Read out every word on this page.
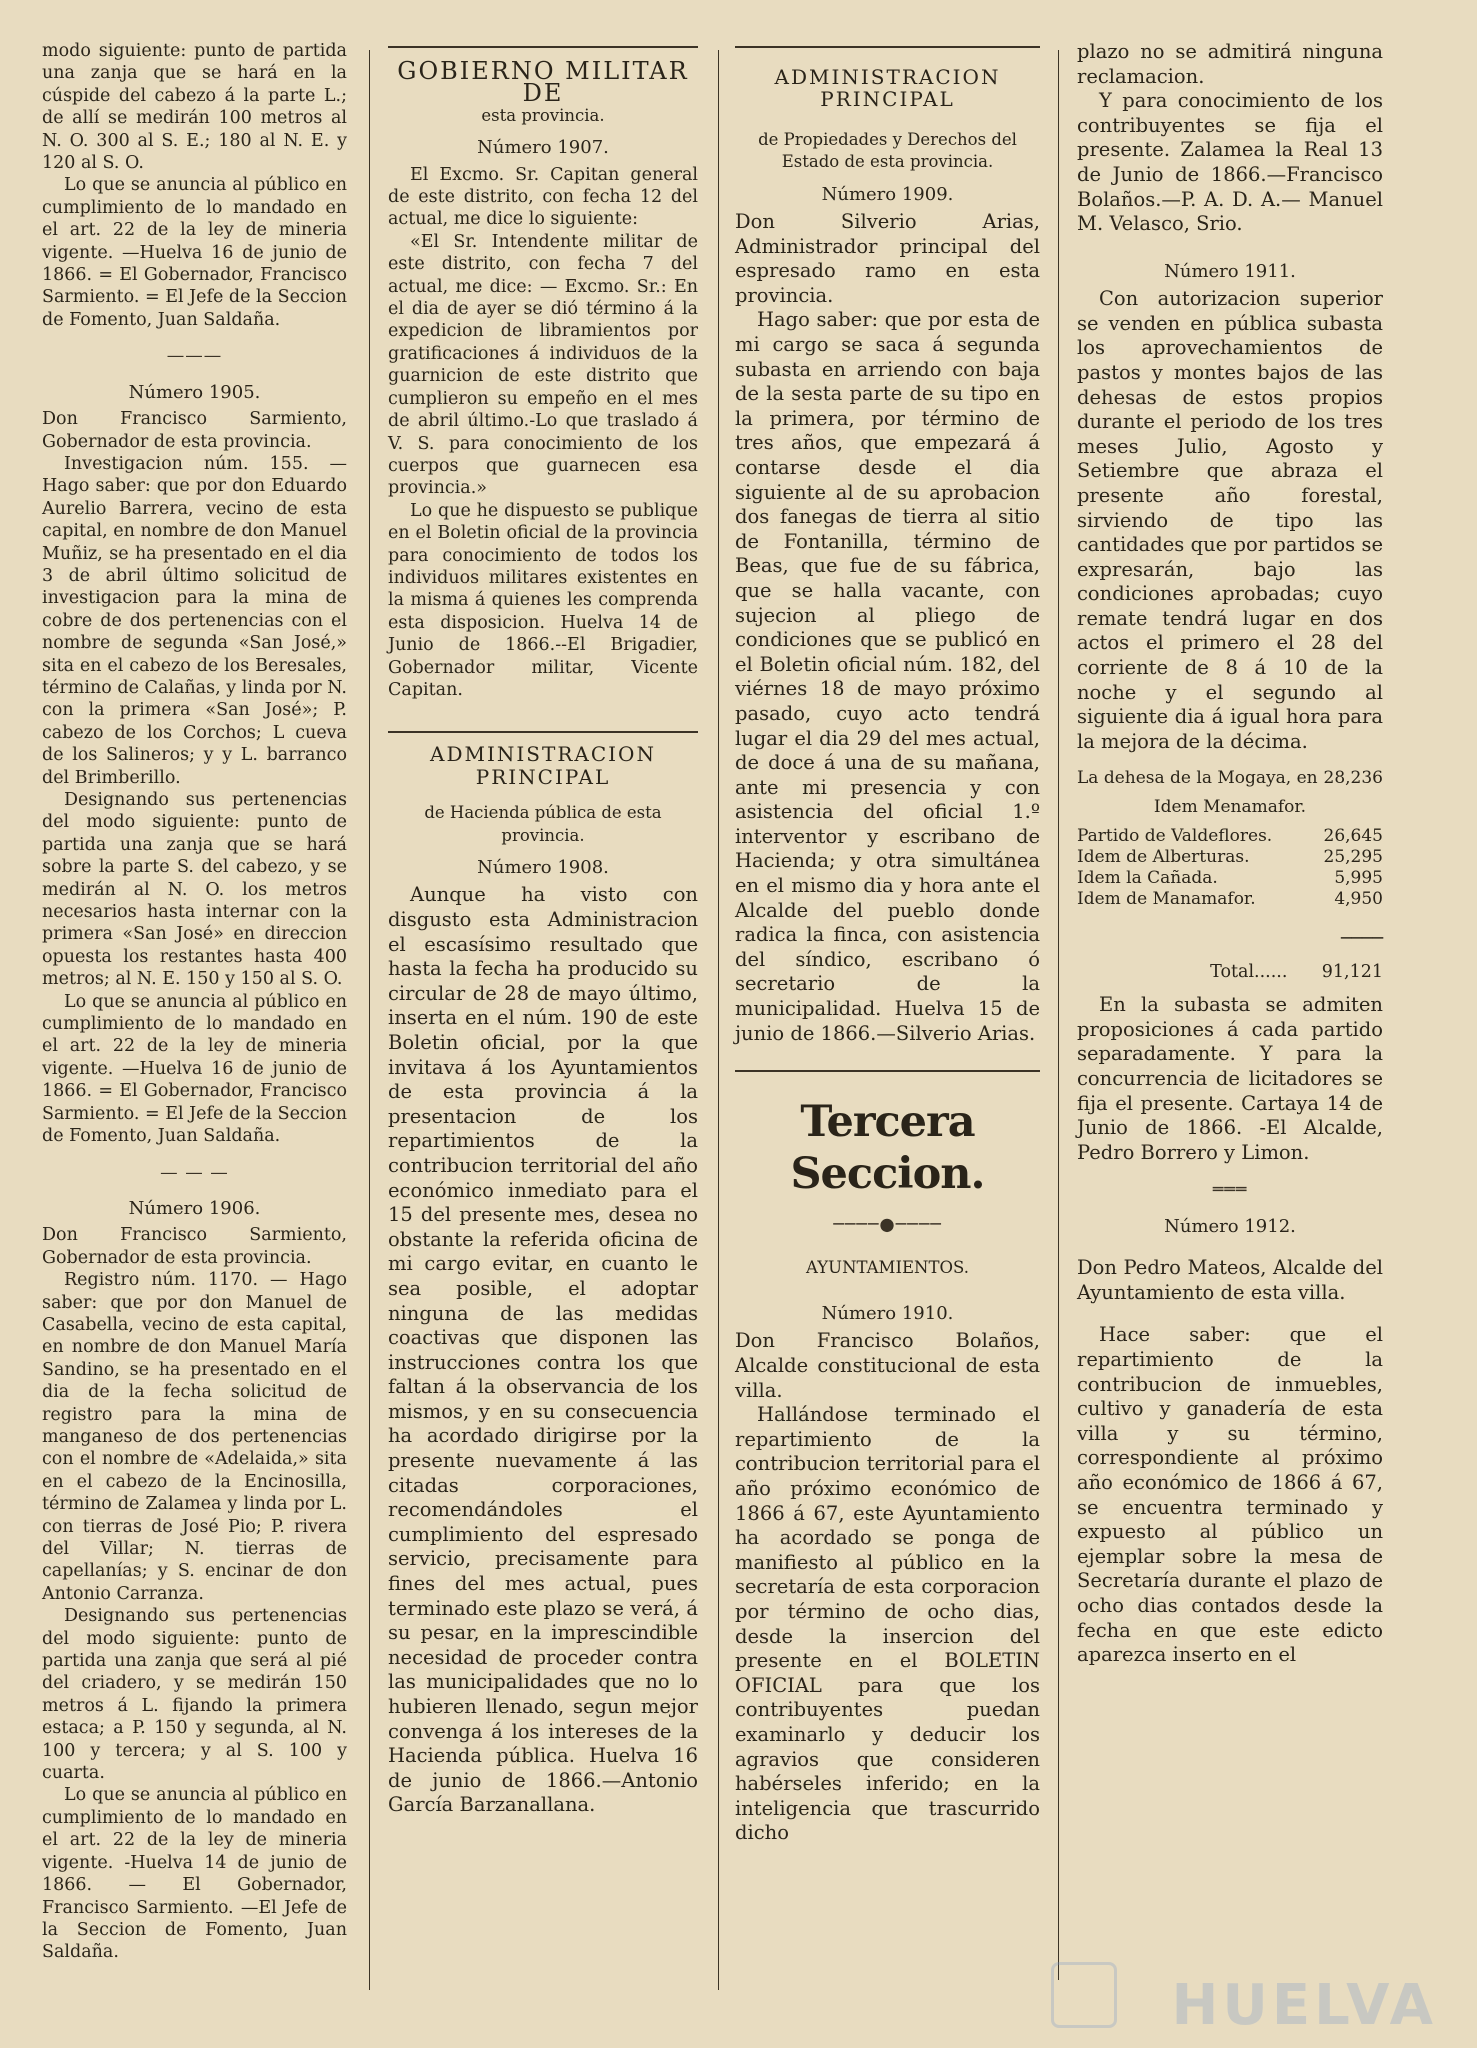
modo siguiente: punto de partida una zanja que se hará en la cúspide del cabezo á la parte L.; de allí se medirán 100 metros al N. O. 300 al S. E.; 180 al N. E. y 120 al S. O.

Lo que se anuncia al público en cumplimiento de lo mandado en el art. 22 de la ley de mineria vigente. —Huelva 16 de junio de 1866. = El Gobernador, Francisco Sarmiento. = El Jefe de la Seccion de Fomento, Juan Saldaña.

———
Número 1905.

Don Francisco Sarmiento, Gobernador de esta provincia.

Investigacion núm. 155. —Hago saber: que por don Eduardo Aurelio Barrera, vecino de esta capital, en nombre de don Manuel Muñiz, se ha presentado en el dia 3 de abril último solicitud de investigacion para la mina de cobre de dos pertenencias con el nombre de segunda «San José,» sita en el cabezo de los Beresales, término de Calañas, y linda por N. con la primera «San José»; P. cabezo de los Corchos; L cueva de los Salineros; y y L. barranco del Brimberillo.

Designando sus pertenencias del modo siguiente: punto de partida una zanja que se hará sobre la parte S. del cabezo, y se medirán al N. O. los metros necesarios hasta internar con la primera «San José» en direccion opuesta los restantes hasta 400 metros; al N. E. 150 y 150 al S. O.

Lo que se anuncia al público en cumplimiento de lo mandado en el art. 22 de la ley de mineria vigente. —Huelva 16 de junio de 1866. = El Gobernador, Francisco Sarmiento. = El Jefe de la Seccion de Fomento, Juan Saldaña.

— — —
Número 1906.

Don Francisco Sarmiento, Gobernador de esta provincia.

Registro núm. 1170. — Hago saber: que por don Manuel de Casabella, vecino de esta capital, en nombre de don Manuel María Sandino, se ha presentado en el dia de la fecha solicitud de registro para la mina de manganeso de dos pertenencias con el nombre de «Adelaida,» sita en el cabezo de la Encinosilla, término de Zalamea y linda por L. con tierras de José Pio; P. rivera del Villar; N. tierras de capellanías; y S. encinar de don Antonio Carranza.

Designando sus pertenencias del modo siguiente: punto de partida una zanja que será al pié del criadero, y se medirán 150 metros á L. fijando la primera estaca; a P. 150 y segunda, al N. 100 y tercera; y al S. 100 y cuarta.

Lo que se anuncia al público en cumplimiento de lo mandado en el art. 22 de la ley de mineria vigente. -Huelva 14 de junio de 1866. — El Gobernador, Francisco Sarmiento. —El Jefe de la Seccion de Fomento, Juan Saldaña.

GOBIERNO MILITAR DE
esta provincia.
Número 1907.

El Excmo. Sr. Capitan general de este distrito, con fecha 12 del actual, me dice lo siguiente:

«El Sr. Intendente militar de este distrito, con fecha 7 del actual, me dice: — Excmo. Sr.: En el dia de ayer se dió término á la expedicion de libramientos por gratificaciones á individuos de la guarnicion de este distrito que cumplieron su empeño en el mes de abril último.-Lo que traslado á V. S. para conocimiento de los cuerpos que guarnecen esa provincia.»

Lo que he dispuesto se publique en el Boletin oficial de la provincia para conocimiento de todos los individuos militares existentes en la misma á quienes les comprenda esta disposicion. Huelva 14 de Junio de 1866.--El Brigadier, Gobernador militar, Vicente Capitan.

ADMINISTRACION PRINCIPAL
de Hacienda pública de esta provincia.
Número 1908.

Aunque ha visto con disgusto esta Administracion el escasísimo resultado que hasta la fecha ha producido su circular de 28 de mayo último, inserta en el núm. 190 de este Boletin oficial, por la que invitava á los Ayuntamientos de esta provincia á la presentacion de los repartimientos de la contribucion territorial del año económico inmediato para el 15 del presente mes, desea no obstante la referida oficina de mi cargo evitar, en cuanto le sea posible, el adoptar ninguna de las medidas coactivas que disponen las instrucciones contra los que faltan á la observancia de los mismos, y en su consecuencia ha acordado dirigirse por la presente nuevamente á las citadas corporaciones, recomendándoles el cumplimiento del espresado servicio, precisamente para fines del mes actual, pues terminado este plazo se verá, á su pesar, en la imprescindible necesidad de proceder contra las municipalidades que no lo hubieren llenado, segun mejor convenga á los intereses de la Hacienda pública. Huelva 16 de junio de 1866.—Antonio García Barzanallana.

ADMINISTRACION PRINCIPAL
de Propiedades y Derechos del Estado de esta provincia.
Número 1909.

Don Silverio Arias, Administrador principal del espresado ramo en esta provincia.

Hago saber: que por esta de mi cargo se saca á segunda subasta en arriendo con baja de la sesta parte de su tipo en la primera, por término de tres años, que empezará á contarse desde el dia siguiente al de su aprobacion dos fanegas de tierra al sitio de Fontanilla, término de Beas, que fue de su fábrica, que se halla vacante, con sujecion al pliego de condiciones que se publicó en el Boletin oficial núm. 182, del viérnes 18 de mayo próximo pasado, cuyo acto tendrá lugar el dia 29 del mes actual, de doce á una de su mañana, ante mi presencia y con asistencia del oficial 1.º interventor y escribano de Hacienda; y otra simultánea en el mismo dia y hora ante el Alcalde del pueblo donde radica la finca, con asistencia del síndico, escribano ó secretario de la municipalidad. Huelva 15 de junio de 1866.—Silverio Arias.

Tercera Seccion.
────●────
AYUNTAMIENTOS.
Número 1910.

Don Francisco Bolaños, Alcalde constitucional de esta villa.

Hallándose terminado el repartimiento de la contribucion territorial para el año próximo económico de 1866 á 67, este Ayuntamiento ha acordado se ponga de manifiesto al público en la secretaría de esta corporacion por término de ocho dias, desde la insercion del presente en el BOLETIN OFICIAL para que los contribuyentes puedan examinarlo y deducir los agravios que consideren habérseles inferido; en la inteligencia que trascurrido dicho

plazo no se admitirá ninguna reclamacion.

Y para conocimiento de los contribuyentes se fija el presente. Zalamea la Real 13 de Junio de 1866.—Francisco Bolaños.—P. A. D. A.— Manuel M. Velasco, Srio.

Número 1911.

Con autorizacion superior se venden en pública subasta los aprovechamientos de pastos y montes bajos de las dehesas de estos propios durante el periodo de los tres meses Julio, Agosto y Setiembre que abraza el presente año forestal, sirviendo de tipo las cantidades que por partidos se expresarán, bajo las condiciones aprobadas; cuyo remate tendrá lugar en dos actos el primero el 28 del corriente de 8 á 10 de la noche y el segundo al siguiente dia á igual hora para la mejora de la décima.

La dehesa de la Mogaya, en	28,236
Idem Menamafor.	
Partido de Valdeflores.	26,645
Idem de Alberturas.	25,295
Idem la Cañada.	5,995
Idem de Manamafor.	4,950
────
Total...... 91,121

En la subasta se admiten proposiciones á cada partido separadamente. Y para la concurrencia de licitadores se fija el presente. Cartaya 14 de Junio de 1866. -El Alcalde, Pedro Borrero y Limon.

═══
Número 1912.

Don Pedro Mateos, Alcalde del Ayuntamiento de esta villa.

Hace saber: que el repartimiento de la contribucion de inmuebles, cultivo y ganadería de esta villa y su término, correspondiente al próximo año económico de 1866 á 67, se encuentra terminado y expuesto al público un ejemplar sobre la mesa de Secretaría durante el plazo de ocho dias contados desde la fecha en que este edicto aparezca inserto en el

HUELVA
